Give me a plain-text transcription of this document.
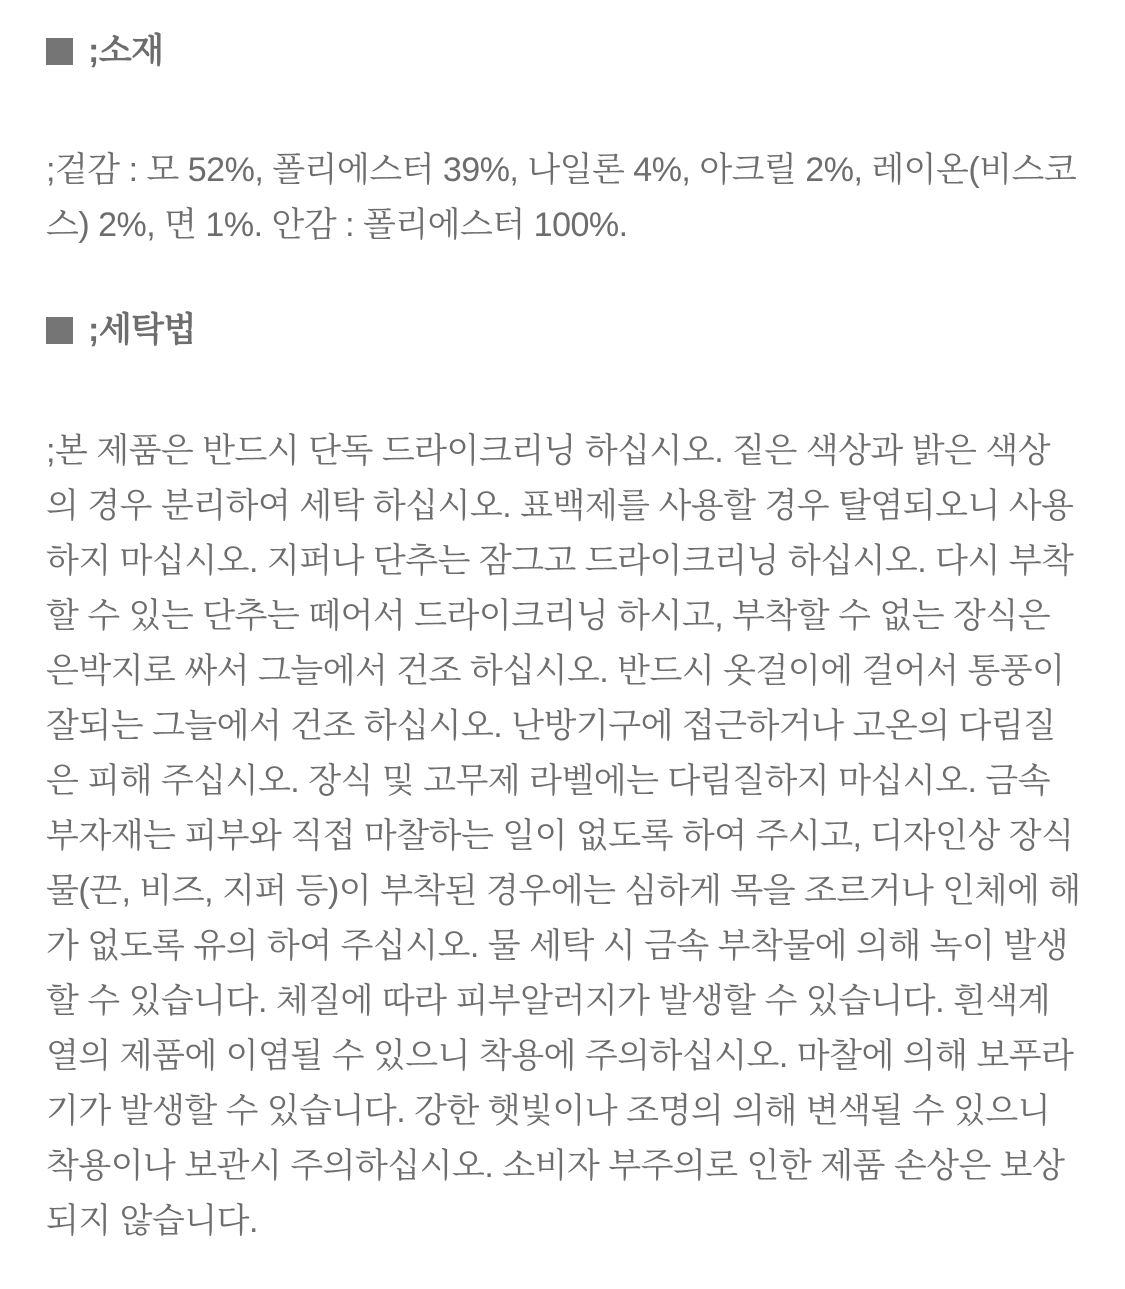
;소재

;겉감 : 모 52%, 폴리에스터 39%, 나일론 4%, 아크릴 2%, 레이온(비스코스) 2%, 면 1%. 안감 : 폴리에스터 100%.

;세탁법

;본 제품은 반드시 단독 드라이크리닝 하십시오. 짙은 색상과 밝은 색상의 경우 분리하여 세탁 하십시오. 표백제를 사용할 경우 탈염되오니 사용하지 마십시오. 지퍼나 단추는 잠그고 드라이크리닝 하십시오. 다시 부착할 수 있는 단추는 떼어서 드라이크리닝 하시고, 부착할 수 없는 장식은 은박지로 싸서 그늘에서 건조 하십시오. 반드시 옷걸이에 걸어서 통풍이 잘되는 그늘에서 건조 하십시오. 난방기구에 접근하거나 고온의 다림질은 피해 주십시오. 장식 및 고무제 라벨에는 다림질하지 마십시오. 금속부자재는 피부와 직접 마찰하는 일이 없도록 하여 주시고, 디자인상 장식물(끈, 비즈, 지퍼 등)이 부착된 경우에는 심하게 목을 조르거나 인체에 해가 없도록 유의 하여 주십시오. 물 세탁 시 금속 부착물에 의해 녹이 발생할 수 있습니다. 체질에 따라 피부알러지가 발생할 수 있습니다. 흰색계열의 제품에 이염될 수 있으니 착용에 주의하십시오. 마찰에 의해 보푸라기가 발생할 수 있습니다. 강한 햇빛이나 조명의 의해 변색될 수 있으니 착용이나 보관시 주의하십시오. 소비자 부주의로 인한 제품 손상은 보상 되지 않습니다.
